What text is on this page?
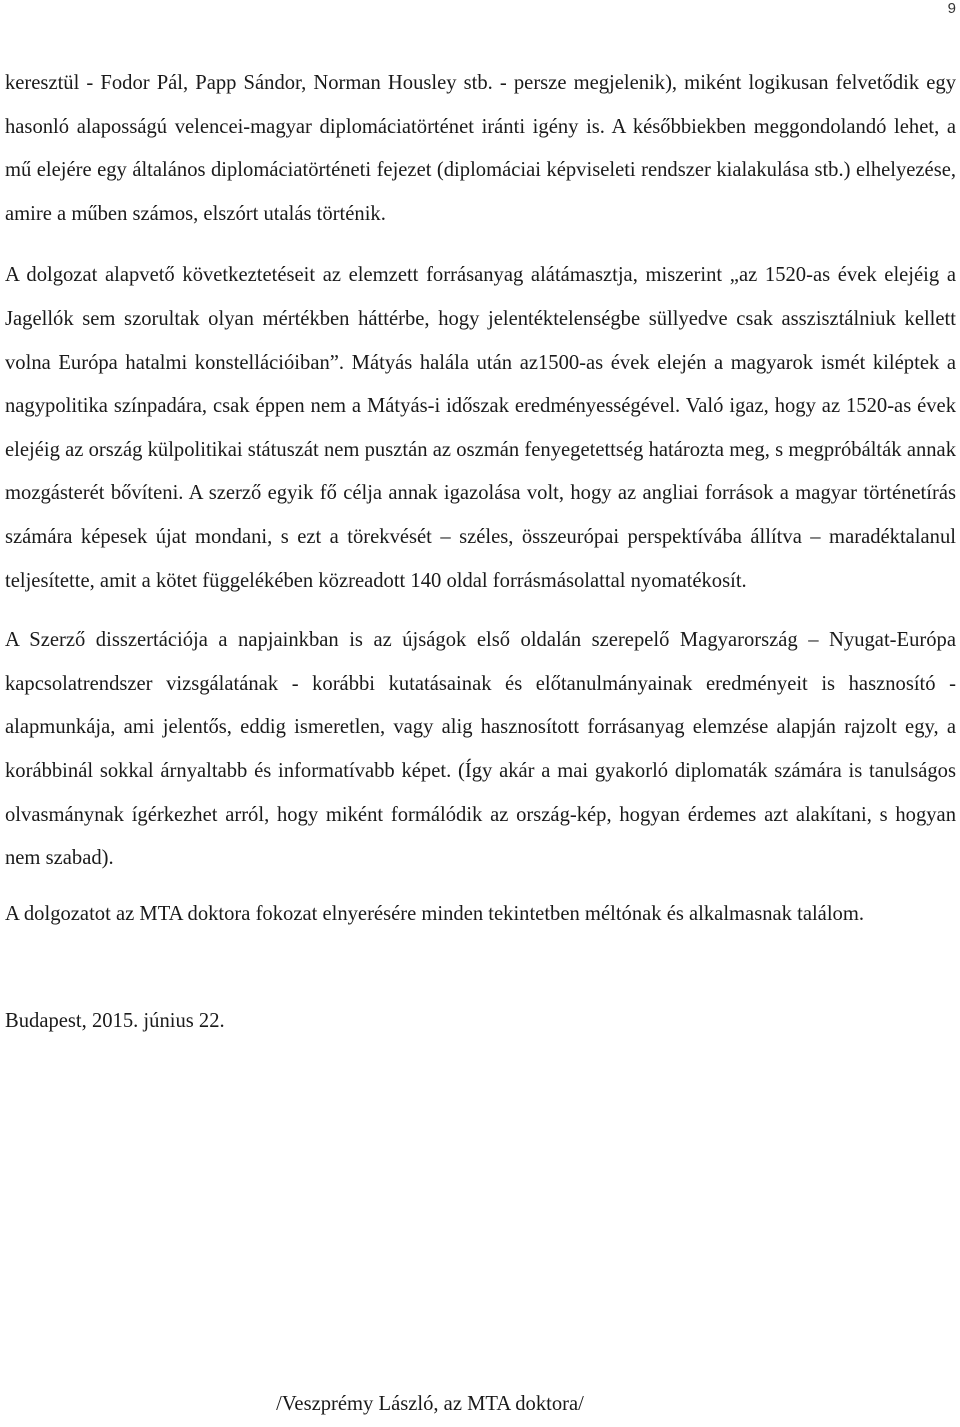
9

keresztül - Fodor Pál, Papp Sándor, Norman Housley stb. - persze megjelenik), miként logikusan felvetődik egy hasonló alaposságú velencei-magyar diplomáciatörténet iránti igény is. A későbbiekben meggondolandó lehet, a mű elejére egy általános diplomáciatörténeti fejezet (diplomáciai képviseleti rendszer kialakulása stb.) elhelyezése, amire a műben számos, elszórt utalás történik.

A dolgozat alapvető következtetéseit az elemzett forrásanyag alátámasztja, miszerint „az 1520-as évek elejéig a Jagellók sem szorultak olyan mértékben háttérbe, hogy jelentéktelenségbe süllyedve csak asszisztálniuk kellett volna Európa hatalmi konstellációiban”. Mátyás halála után az1500-as évek elején a magyarok ismét kiléptek a nagypolitika színpadára, csak éppen nem a Mátyás-i időszak eredményességével. Való igaz, hogy az 1520-as évek elejéig az ország külpolitikai státuszát nem pusztán az oszmán fenyegetettség határozta meg, s megpróbálták annak mozgásterét bővíteni. A szerző egyik fő célja annak igazolása volt, hogy az angliai források a magyar történetírás számára képesek újat mondani, s ezt a törekvését – széles, összeurópai perspektívába állítva – maradéktalanul teljesítette, amit a kötet függelékében közreadott 140 oldal forrásmásolattal nyomatékosít.

A Szerző disszertációja a napjainkban is az újságok első oldalán szerepelő Magyarország – Nyugat-Európa kapcsolatrendszer vizsgálatának - korábbi kutatásainak és előtanulmányainak eredményeit is hasznosító - alapmunkája, ami jelentős, eddig ismeretlen, vagy alig hasznosított forrásanyag elemzése alapján rajzolt egy, a korábbinál sokkal árnyaltabb és informatívabb képet. (Így akár a mai gyakorló diplomaták számára is tanulságos olvasmánynak ígérkezhet arról, hogy miként formálódik az ország-kép, hogyan érdemes azt alakítani, s hogyan nem szabad).

A dolgozatot az MTA doktora fokozat elnyerésére minden tekintetben méltónak és alkalmasnak találom.

Budapest, 2015. június 22.

/Veszprémy László, az MTA doktora/
